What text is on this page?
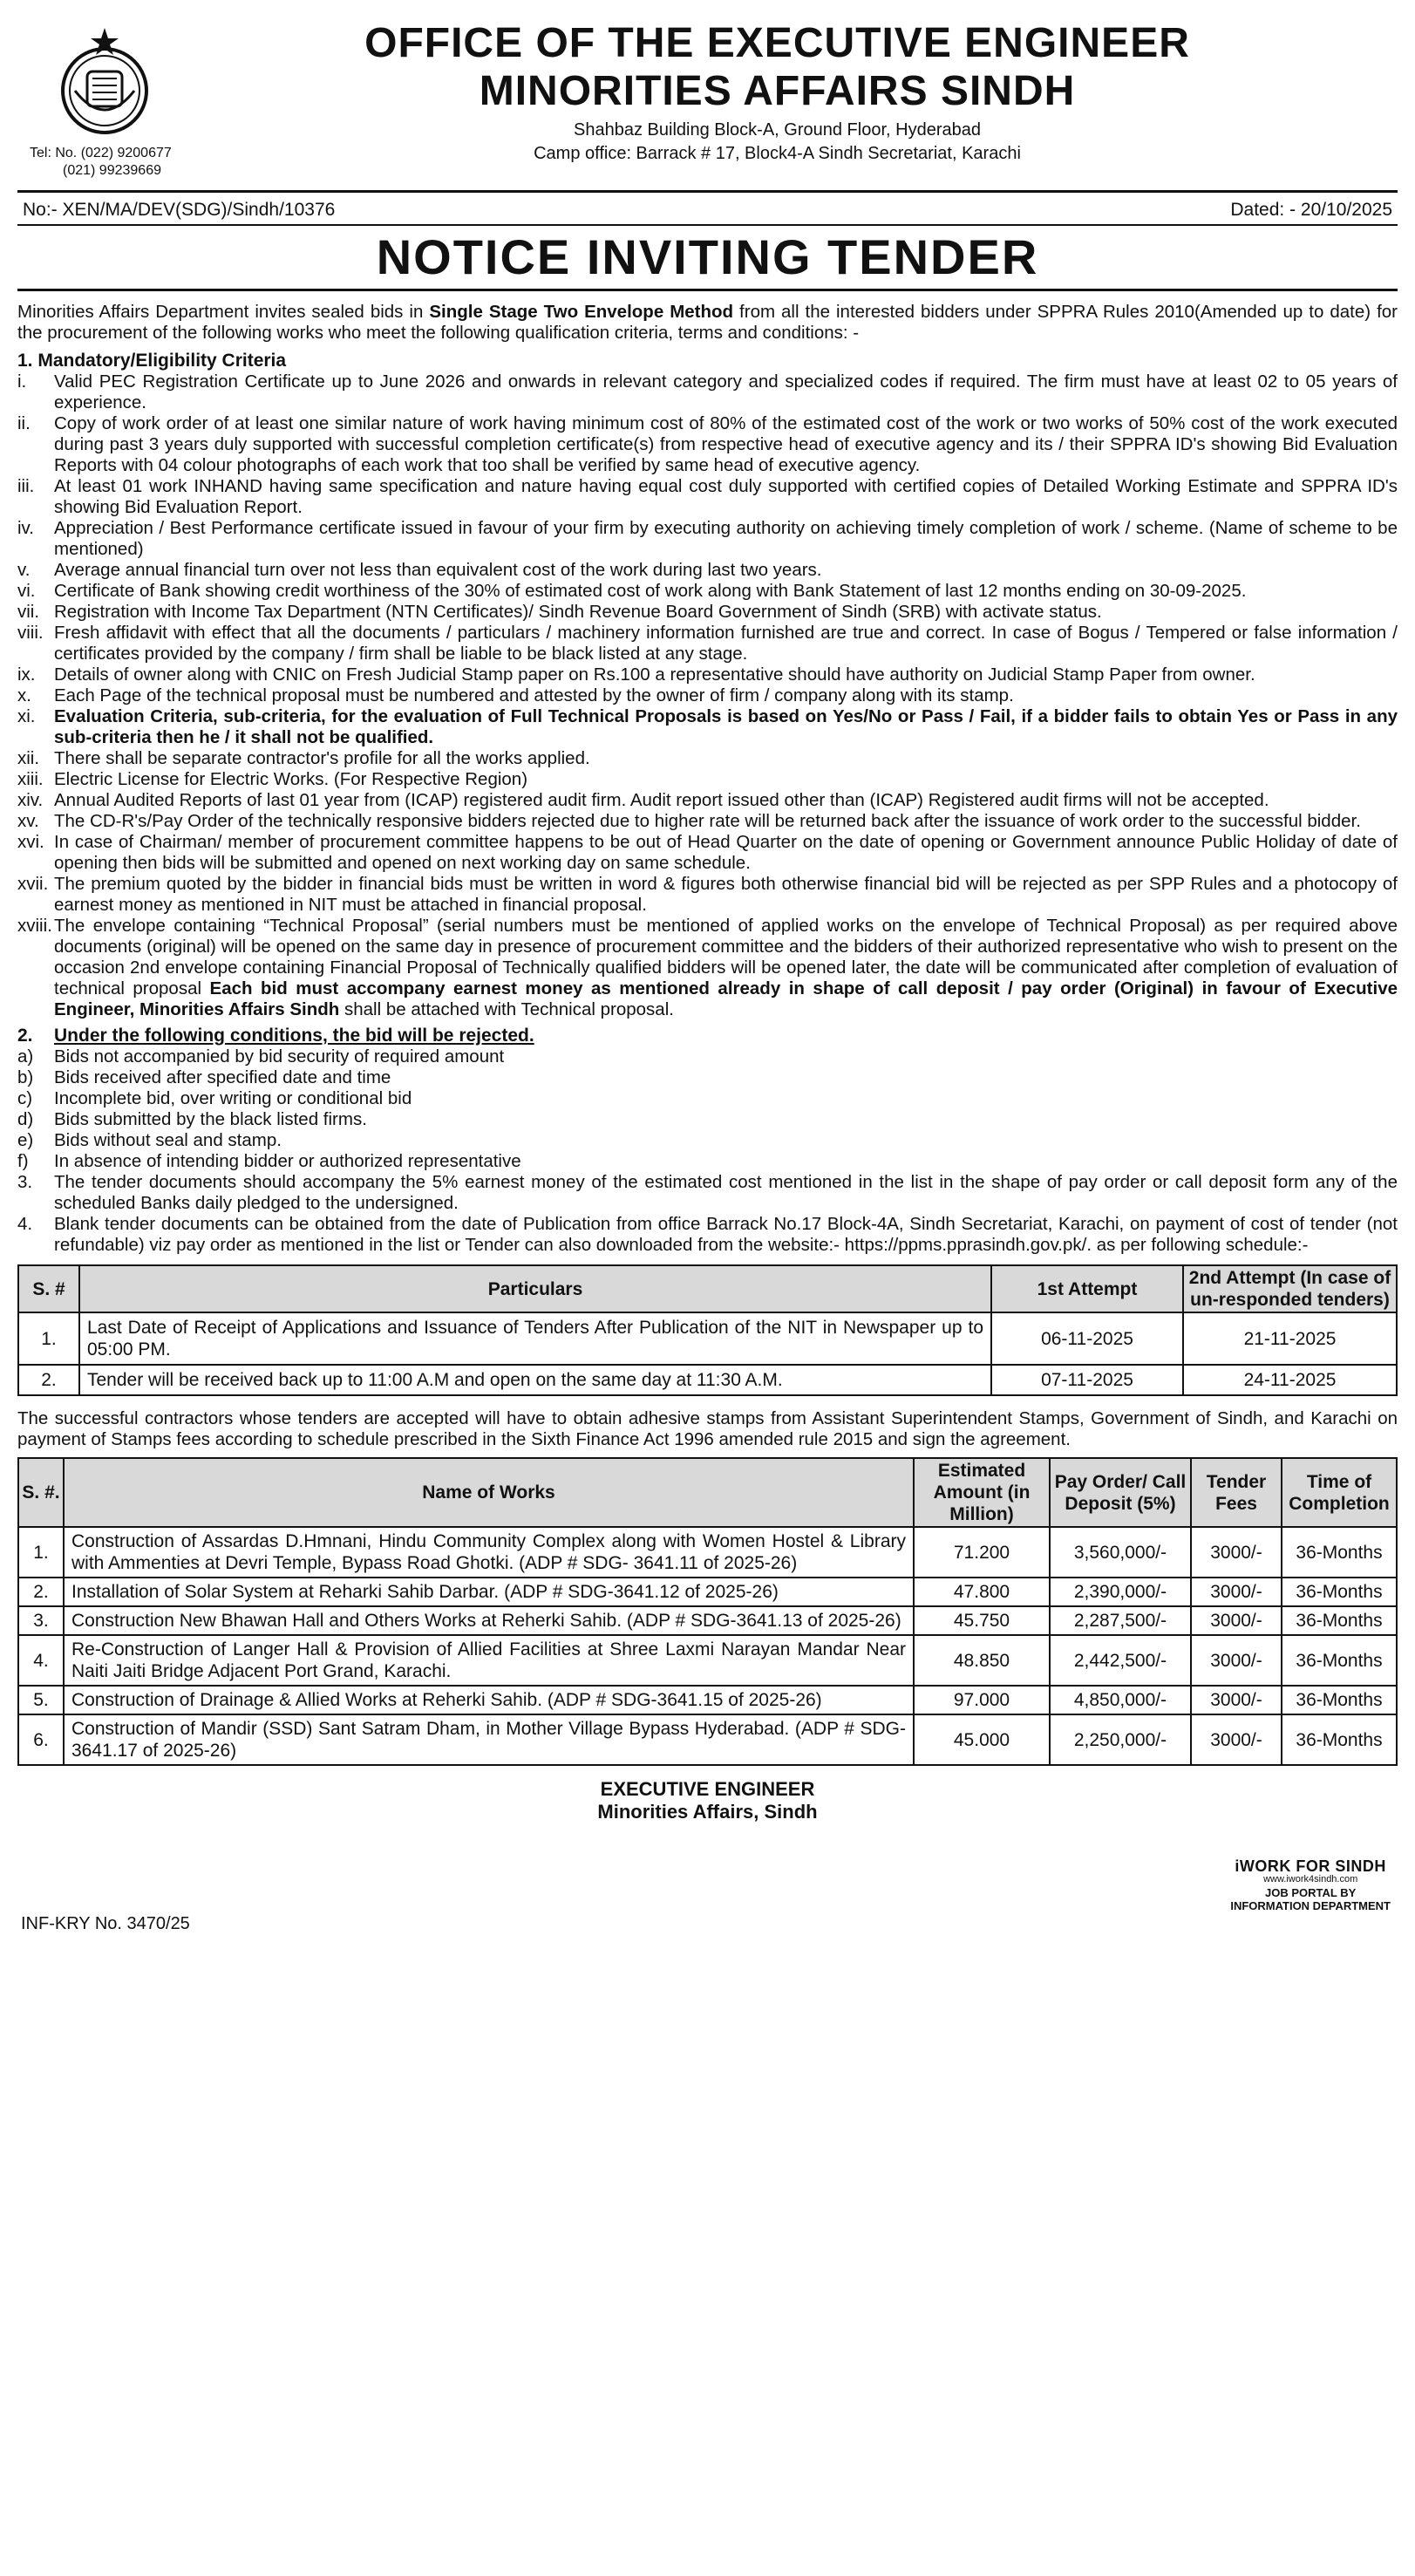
Tel: No. (022) 9200677
(021) 99239669
OFFICE OF THE EXECUTIVE ENGINEER
MINORITIES AFFAIRS SINDH
Shahbaz Building Block-A, Ground Floor, Hyderabad
Camp office: Barrack # 17, Block4-A Sindh Secretariat, Karachi
No:- XEN/MA/DEV(SDG)/Sindh/10376	Dated: - 20/10/2025
NOTICE INVITING TENDER
Minorities Affairs Department invites sealed bids in Single Stage Two Envelope Method from all the interested bidders under SPPRA Rules 2010(Amended up to date) for the procurement of the following works who meet the following qualification criteria, terms and conditions: -
1. Mandatory/Eligibility Criteria
i.	Valid PEC Registration Certificate up to June 2026 and onwards in relevant category and specialized codes if required. The firm must have at least 02 to 05 years of experience.
ii.	Copy of work order of at least one similar nature of work having minimum cost of 80% of the estimated cost of the work or two works of 50% cost of the work executed during past 3 years duly supported with successful completion certificate(s) from respective head of executive agency and its / their SPPRA ID's showing Bid Evaluation Reports with 04 colour photographs of each work that too shall be verified by same head of executive agency.
iii.	At least 01 work INHAND having same specification and nature having equal cost duly supported with certified copies of Detailed Working Estimate and SPPRA ID's showing Bid Evaluation Report.
iv.	Appreciation / Best Performance certificate issued in favour of your firm by executing authority on achieving timely completion of work / scheme. (Name of scheme to be mentioned)
v.	Average annual financial turn over not less than equivalent cost of the work during last two years.
vi.	Certificate of Bank showing credit worthiness of the 30% of estimated cost of work along with Bank Statement of last 12 months ending on 30-09-2025.
vii. Registration with Income Tax Department (NTN Certificates)/ Sindh Revenue Board Government of Sindh (SRB) with activate status.
viii. Fresh affidavit with effect that all the documents / particulars / machinery information furnished are true and correct. In case of Bogus / Tempered or false information / certificates provided by the company / firm shall be liable to be black listed at any stage.
ix.	Details of owner along with CNIC on Fresh Judicial Stamp paper on Rs.100 a representative should have authority on Judicial Stamp Paper from owner.
x.	Each Page of the technical proposal must be numbered and attested by the owner of firm / company along with its stamp.
xi.	Evaluation Criteria, sub-criteria, for the evaluation of Full Technical Proposals is based on Yes/No or Pass / Fail, if a bidder fails to obtain Yes or Pass in any sub-criteria then he / it shall not be qualified.
xii. There shall be separate contractor's profile for all the works applied.
xiii. Electric License for Electric Works. (For Respective Region)
xiv. Annual Audited Reports of last 01 year from (ICAP) registered audit firm. Audit report issued other than (ICAP) Registered audit firms will not be accepted.
xv. The CD-R's/Pay Order of the technically responsive bidders rejected due to higher rate will be returned back after the issuance of work order to the successful bidder.
xvi. In case of Chairman/ member of procurement committee happens to be out of Head Quarter on the date of opening or Government announce Public Holiday of date of opening then bids will be submitted and opened on next working day on same schedule.
xvii. The premium quoted by the bidder in financial bids must be written in word & figures both otherwise financial bid will be rejected as per SPP Rules and a photocopy of earnest money as mentioned in NIT must be attached in financial proposal.
xviii. The envelope containing “Technical Proposal” (serial numbers must be mentioned of applied works on the envelope of Technical Proposal) as per required above documents (original) will be opened on the same day in presence of procurement committee and the bidders of their authorized representative who wish to present on the occasion 2nd envelope containing Financial Proposal of Technically qualified bidders will be opened later, the date will be communicated after completion of evaluation of technical proposal Each bid must accompany earnest money as mentioned already in shape of call deposit / pay order (Original) in favour of Executive Engineer, Minorities Affairs Sindh shall be attached with Technical proposal.
2.	Under the following conditions, the bid will be rejected.
a)	Bids not accompanied by bid security of required amount
b)	Bids received after specified date and time
c)	Incomplete bid, over writing or conditional bid
d)	Bids submitted by the black listed firms.
e)	Bids without seal and stamp.
f)	In absence of intending bidder or authorized representative
3.	The tender documents should accompany the 5% earnest money of the estimated cost mentioned in the list in the shape of pay order or call deposit form any of the scheduled Banks daily pledged to the undersigned.
4.	Blank tender documents can be obtained from the date of Publication from office Barrack No.17 Block-4A, Sindh Secretariat, Karachi, on payment of cost of tender (not refundable) viz pay order as mentioned in the list or Tender can also downloaded from the website:- https://ppms.pprasindh.gov.pk/. as per following schedule:-
S. #	Particulars	1st Attempt	2nd Attempt (In case of un-responded tenders)
1.	Last Date of Receipt of Applications and Issuance of Tenders After Publication of the NIT in Newspaper up to 05:00 PM.	06-11-2025	21-11-2025
2.	Tender will be received back up to 11:00 A.M and open on the same day at 11:30 A.M.	07-11-2025	24-11-2025
The successful contractors whose tenders are accepted will have to obtain adhesive stamps from Assistant Superintendent Stamps, Government of Sindh, and Karachi on payment of Stamps fees according to schedule prescribed in the Sixth Finance Act 1996 amended rule 2015 and sign the agreement.
S. #.	Name of Works	Estimated Amount (in Million)	Pay Order/ Call Deposit (5%)	Tender Fees	Time of Completion
1.	Construction of Assardas D.Hmnani, Hindu Community Complex along with Women Hostel & Library with Ammenties at Devri Temple, Bypass Road Ghotki. (ADP # SDG- 3641.11 of 2025-26)	71.200	3,560,000/-	3000/-	36-Months
2.	Installation of Solar System at Reharki Sahib Darbar. (ADP # SDG-3641.12 of 2025-26)	47.800	2,390,000/-	3000/-	36-Months
3.	Construction New Bhawan Hall and Others Works at Reherki Sahib. (ADP # SDG-3641.13 of 2025-26)	45.750	2,287,500/-	3000/-	36-Months
4.	Re-Construction of Langer Hall & Provision of Allied Facilities at Shree Laxmi Narayan Mandar Near Naiti Jaiti Bridge Adjacent Port Grand, Karachi.	48.850	2,442,500/-	3000/-	36-Months
5.	Construction of Drainage & Allied Works at Reherki Sahib. (ADP # SDG-3641.15 of 2025-26)	97.000	4,850,000/-	3000/-	36-Months
6.	Construction of Mandir (SSD) Sant Satram Dham, in Mother Village Bypass Hyderabad. (ADP # SDG-3641.17 of 2025-26)	45.000	2,250,000/-	3000/-	36-Months
EXECUTIVE ENGINEER
Minorities Affairs, Sindh
INF-KRY No. 3470/25
iWORK FOR SINDH
www.iwork4sindh.com
JOB PORTAL BY
INFORMATION DEPARTMENT
